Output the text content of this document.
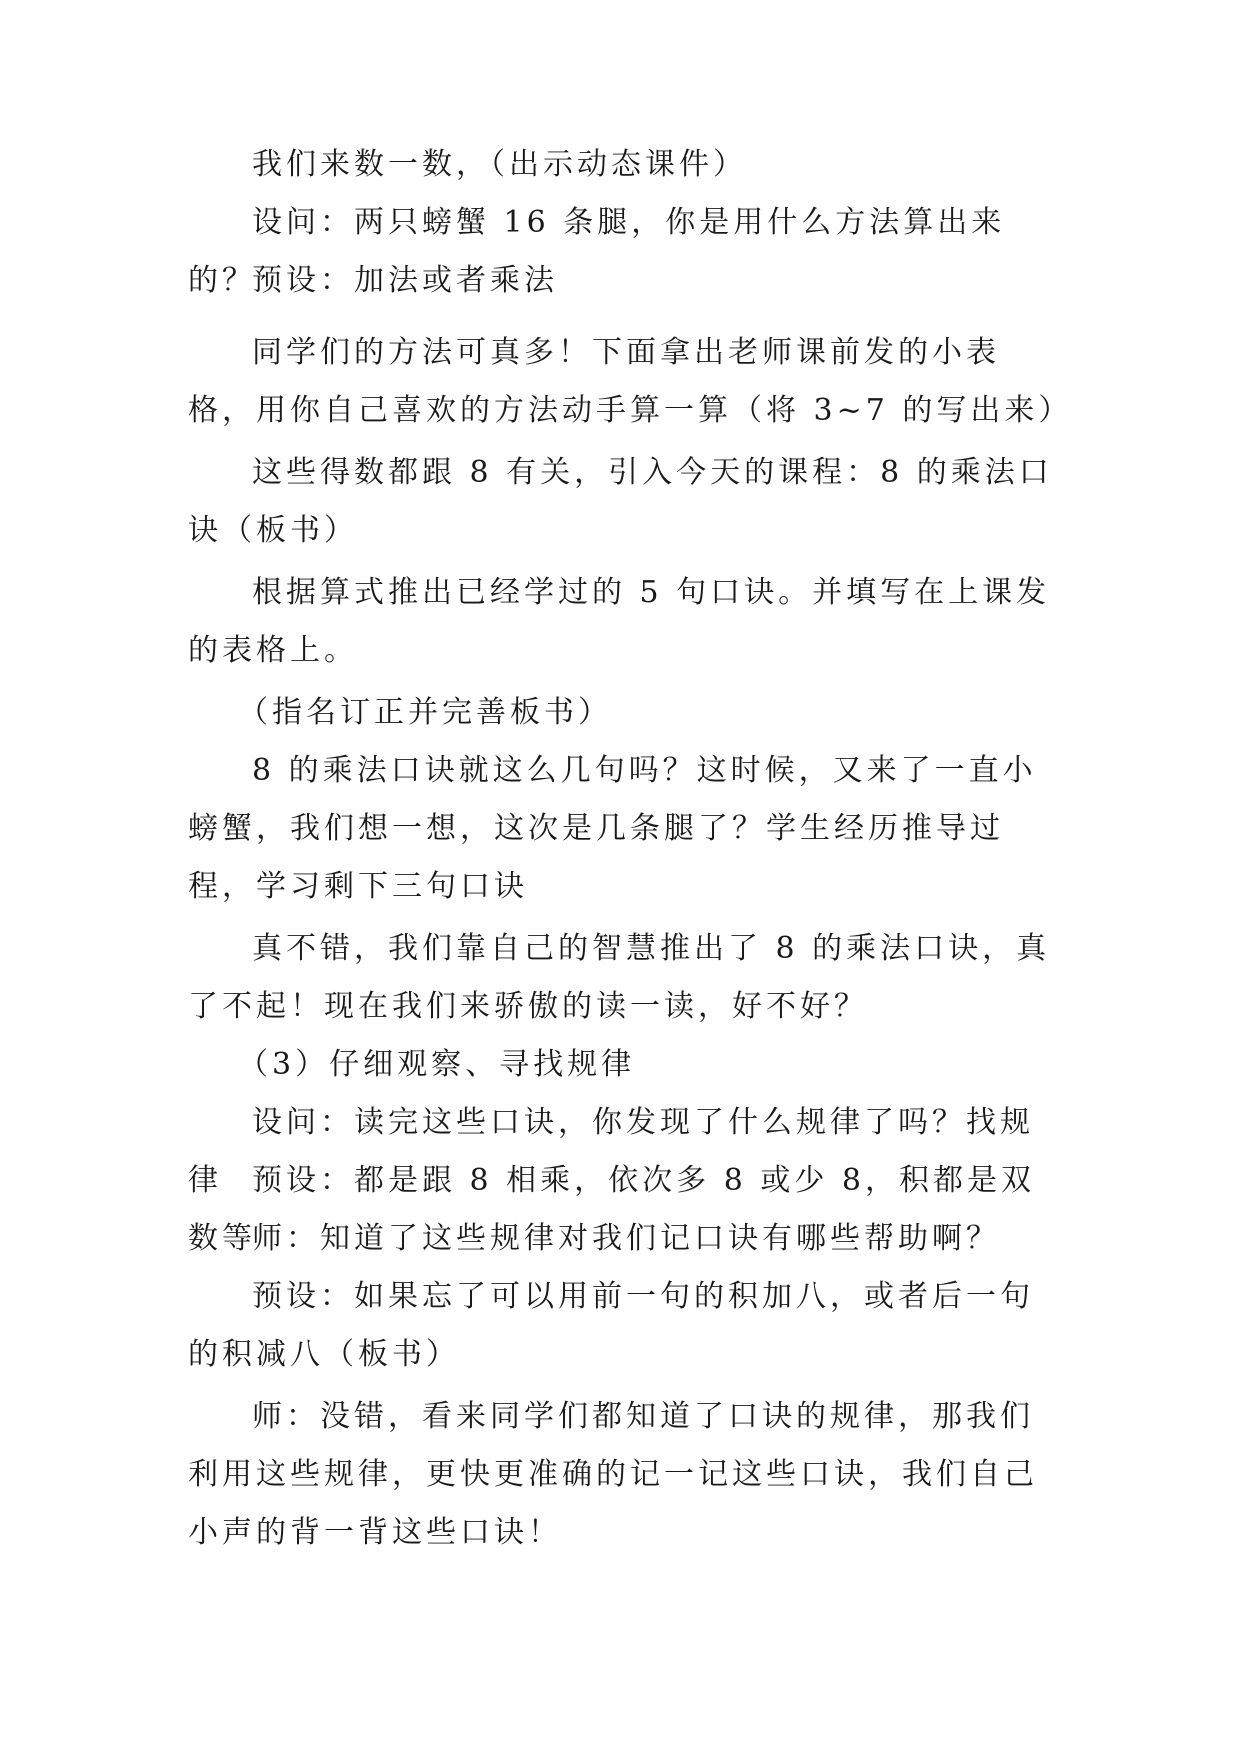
我们来数一数，（出示动态课件）

设问：两只螃蟹 16 条腿，你是用什么方法算出来的？

预设：加法或者乘法

同学们的方法可真多！下面拿出老师课前发的小表格，用你自己喜欢的方法动手算一算（将 3~7 的写出来）

这些得数都跟 8 有关，引入今天的课程：8 的乘法口诀（板书）

根据算式推出已经学过的 5 句口诀。并填写在上课发的表格上。

（指名订正并完善板书）

8 的乘法口诀就这么几句吗？这时候，又来了一直小螃蟹，我们想一想，这次是几条腿了？学生经历推导过程，学习剩下三句口诀

真不错，我们靠自己的智慧推出了 8 的乘法口诀，真了不起！现在我们来骄傲的读一读，好不好？

（3）仔细观察、寻找规律

设问：读完这些口诀，你发现了什么规律了吗？找规律	预设：都是跟 8 相乘，依次多 8 或少 8，积都是双数等

师：知道了这些规律对我们记口诀有哪些帮助啊？

预设：如果忘了可以用前一句的积加八，或者后一句的积减八（板书）

师：没错，看来同学们都知道了口诀的规律，那我们利用这些规律，更快更准确的记一记这些口诀，我们自己小声的背一背这些口诀！
